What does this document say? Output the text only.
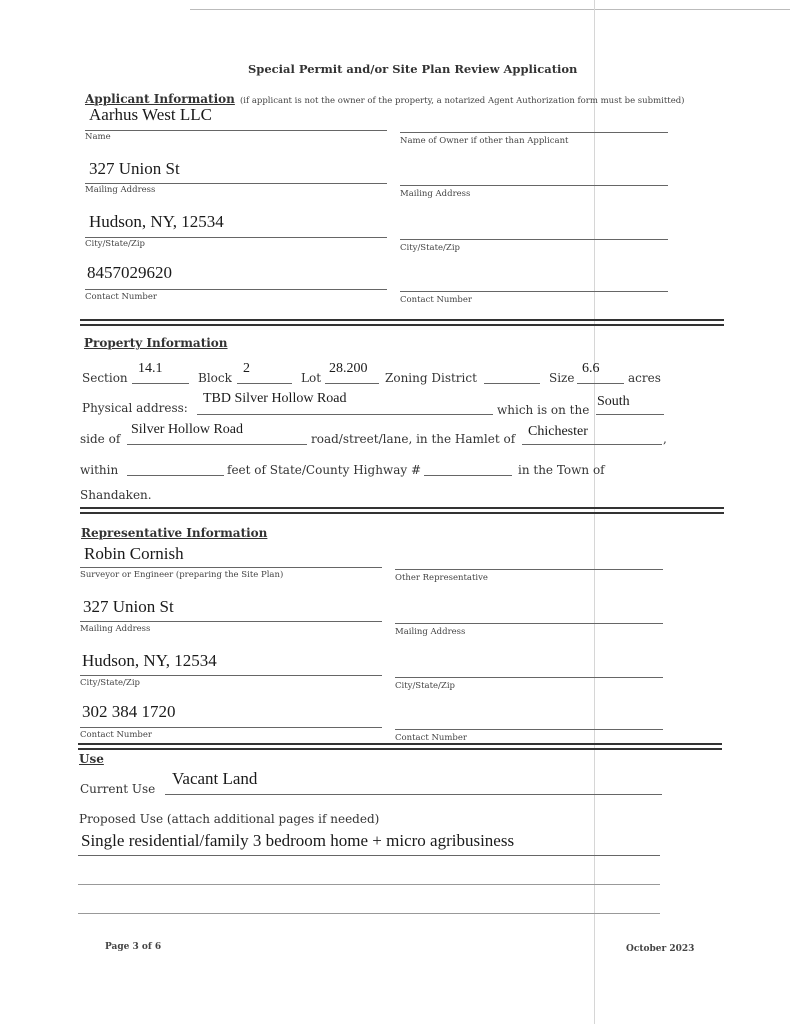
Special Permit and/or Site Plan Review Application
Applicant Information (if applicant is not the owner of the property, a notarized Agent Authorization form must be submitted)
Aarhus West LLC
Name	Name of Owner if other than Applicant
327 Union St
Mailing Address	Mailing Address
Hudson, NY, 12534
City/State/Zip	City/State/Zip
8457029620
Contact Number	Contact Number
Property Information
Section
14.1
Block
2
Lot
28.200
Zoning District	Size
6.6
acres
Physical address:
TBD Silver Hollow Road
which is on the
South
side of
Silver Hollow Road
road/street/lane, in the Hamlet of Chichester	,
within	feet of State/County Highway #	in the Town of
Shandaken.
Representative Information
Robin Cornish
Surveyor or Engineer (preparing the Site Plan)	Other Representative
327 Union St
Mailing Address	Mailing Address
Hudson, NY, 12534
City/State/Zip	City/State/Zip
302 384 1720
Contact Number	Contact Number
Use
Current Use
Vacant Land
Proposed Use (attach additional pages if needed)
Single residential/family 3 bedroom home + micro agribusiness
Page 3 of 6	October 2023
